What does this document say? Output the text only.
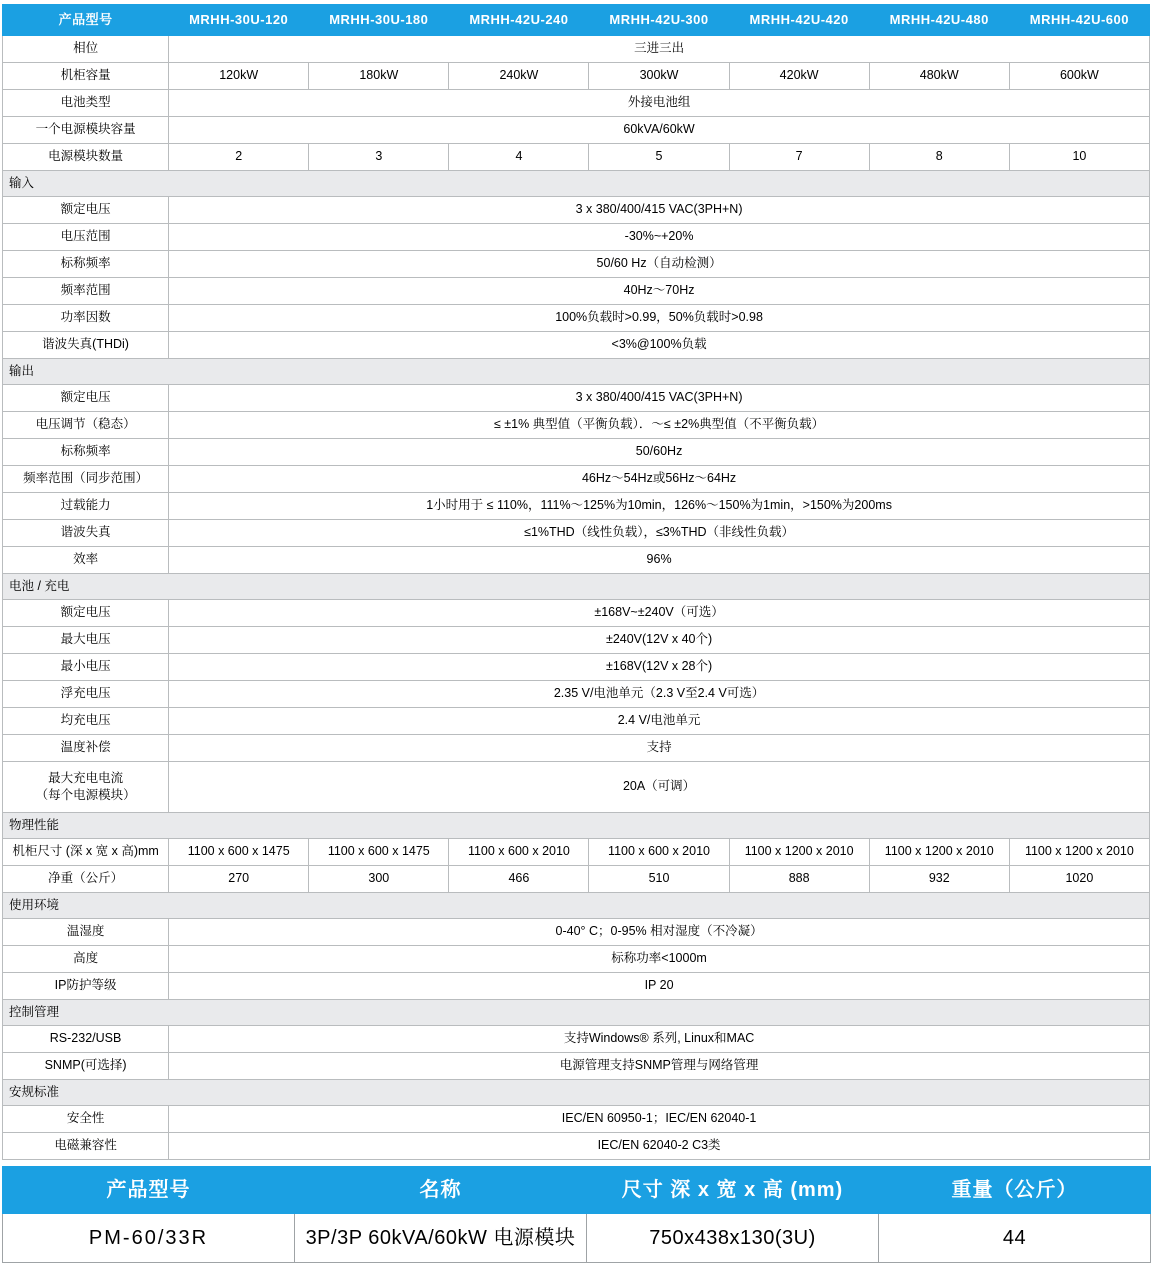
产品型号	MRHH-30U-120	MRHH-30U-180	MRHH-42U-240	MRHH-42U-300	MRHH-42U-420	MRHH-42U-480	MRHH-42U-600
相位	三进三出						
机柜容量	120kW	180kW	240kW	300kW	420kW	480kW	600kW
电池类型	外接电池组						
一个电源模块容量	60kVA/60kW						
电源模块数量	2	3	4	5	7	8	10
输入							
额定电压	3 x 380/400/415 VAC(3PH+N)						
电压范围	-30%~+20%						
标称频率	50/60 Hz（自动检测）						
频率范围	40Hz～70Hz						
功率因数	100%负载时>0.99，50%负载时>0.98						
谐波失真(THDi)	<3%@100%负载						
输出							
额定电压	3 x 380/400/415 VAC(3PH+N)						
电压调节（稳态）	≤ ±1% 典型值（平衡负载）．～≤ ±2%典型值（不平衡负载）						
标称频率	50/60Hz						
频率范围（同步范围）	46Hz～54Hz或56Hz～64Hz						
过载能力	1小时用于 ≤ 110%，111%～125%为10min，126%～150%为1min，>150%为200ms						
谐波失真	≤1%THD（线性负载），≤3%THD（非线性负载）						
效率	96%						
电池 / 充电							
额定电压	±168V~±240V（可选）						
最大电压	±240V(12V x 40个)						
最小电压	±168V(12V x 28个)						
浮充电压	2.35 V/电池单元（2.3 V至2.4 V可选）						
均充电压	2.4 V/电池单元						
温度补偿	支持						
最大充电电流
（每个电源模块）	20A（可调）						
物理性能							
机柜尺寸 (深 x 宽 x 高)mm	1100 x 600 x 1475	1100 x 600 x 1475	1100 x 600 x 2010	1100 x 600 x 2010	1100 x 1200 x 2010	1100 x 1200 x 2010	1100 x 1200 x 2010
净重（公斤）	270	300	466	510	888	932	1020
使用环境							
温湿度	0-40° C；0-95% 相对湿度（不冷凝）						
高度	标称功率<1000m						
IP防护等级	IP 20						
控制管理							
RS-232/USB	支持Windows® 系列, Linux和MAC						
SNMP(可选择)	电源管理支持SNMP管理与网络管理						
安规标准							
安全性	IEC/EN 60950-1；IEC/EN 62040-1						
电磁兼容性	IEC/EN 62040-2 C3类						
产品型号	名称	尺寸 深 x 宽 x 高 (mm)	重量（公斤）
PM-60/33R	3P/3P 60kVA/60kW 电源模块	750x438x130(3U)	44
